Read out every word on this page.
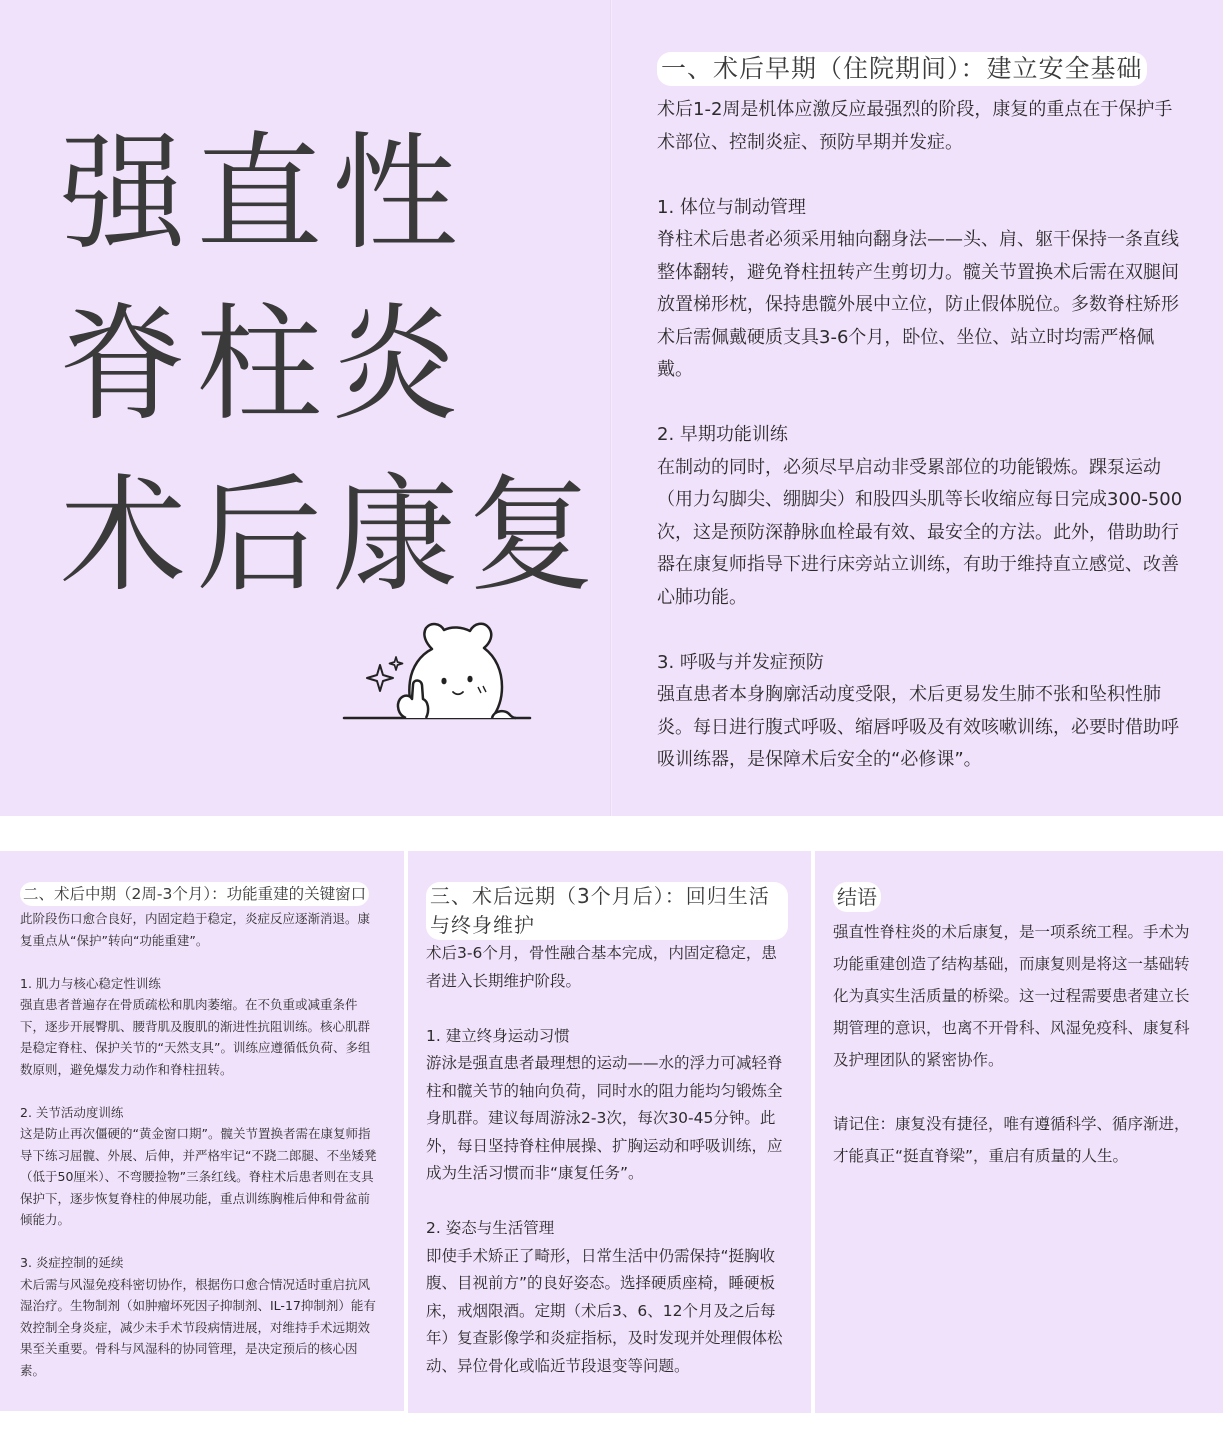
强直性
脊柱炎
术后康复
一、术后早期（住院期间）：建立安全基础

术后1-2周是机体应激反应最强烈的阶段，康复的重点在于保护手术部位、控制炎症、预防早期并发症。

1. 体位与制动管理

脊柱术后患者必须采用轴向翻身法——头、肩、躯干保持一条直线整体翻转，避免脊柱扭转产生剪切力。髋关节置换术后需在双腿间放置梯形枕，保持患髋外展中立位，防止假体脱位。多数脊柱矫形术后需佩戴硬质支具3-6个月，卧位、坐位、站立时均需严格佩戴。

2. 早期功能训练

在制动的同时，必须尽早启动非受累部位的功能锻炼。踝泵运动（用力勾脚尖、绷脚尖）和股四头肌等长收缩应每日完成300-500次，这是预防深静脉血栓最有效、最安全的方法。此外，借助助行器在康复师指导下进行床旁站立训练，有助于维持直立感觉、改善心肺功能。

3. 呼吸与并发症预防

强直患者本身胸廓活动度受限，术后更易发生肺不张和坠积性肺炎。每日进行腹式呼吸、缩唇呼吸及有效咳嗽训练，必要时借助呼吸训练器，是保障术后安全的“必修课”。

二、术后中期（2周-3个月）：功能重建的关键窗口

此阶段伤口愈合良好，内固定趋于稳定，炎症反应逐渐消退。康复重点从“保护”转向“功能重建”。

1. 肌力与核心稳定性训练

强直患者普遍存在骨质疏松和肌肉萎缩。在不负重或减重条件下，逐步开展臀肌、腰背肌及腹肌的渐进性抗阻训练。核心肌群是稳定脊柱、保护关节的“天然支具”。训练应遵循低负荷、多组数原则，避免爆发力动作和脊柱扭转。

2. 关节活动度训练

这是防止再次僵硬的“黄金窗口期”。髋关节置换者需在康复师指导下练习屈髋、外展、后伸，并严格牢记“不跷二郎腿、不坐矮凳（低于50厘米）、不弯腰捡物”三条红线。脊柱术后患者则在支具保护下，逐步恢复脊柱的伸展功能，重点训练胸椎后伸和骨盆前倾能力。

3. 炎症控制的延续

术后需与风湿免疫科密切协作，根据伤口愈合情况适时重启抗风湿治疗。生物制剂（如肿瘤坏死因子抑制剂、IL-17抑制剂）能有效控制全身炎症，减少未手术节段病情进展，对维持手术远期效果至关重要。骨科与风湿科的协同管理，是决定预后的核心因素。

三、术后远期（3个月后）：回归生活与终身维护

术后3-6个月，骨性融合基本完成，内固定稳定，患者进入长期维护阶段。

1. 建立终身运动习惯

游泳是强直患者最理想的运动——水的浮力可减轻脊柱和髋关节的轴向负荷，同时水的阻力能均匀锻炼全身肌群。建议每周游泳2-3次，每次30-45分钟。此外，每日坚持脊柱伸展操、扩胸运动和呼吸训练，应成为生活习惯而非“康复任务”。

2. 姿态与生活管理

即使手术矫正了畸形，日常生活中仍需保持“挺胸收腹、目视前方”的良好姿态。选择硬质座椅，睡硬板床，戒烟限酒。定期（术后3、6、12个月及之后每年）复查影像学和炎症指标，及时发现并处理假体松动、异位骨化或临近节段退变等问题。

结语

强直性脊柱炎的术后康复，是一项系统工程。手术为功能重建创造了结构基础，而康复则是将这一基础转化为真实生活质量的桥梁。这一过程需要患者建立长期管理的意识，也离不开骨科、风湿免疫科、康复科及护理团队的紧密协作。

请记住：康复没有捷径，唯有遵循科学、循序渐进，才能真正“挺直脊梁”，重启有质量的人生。
